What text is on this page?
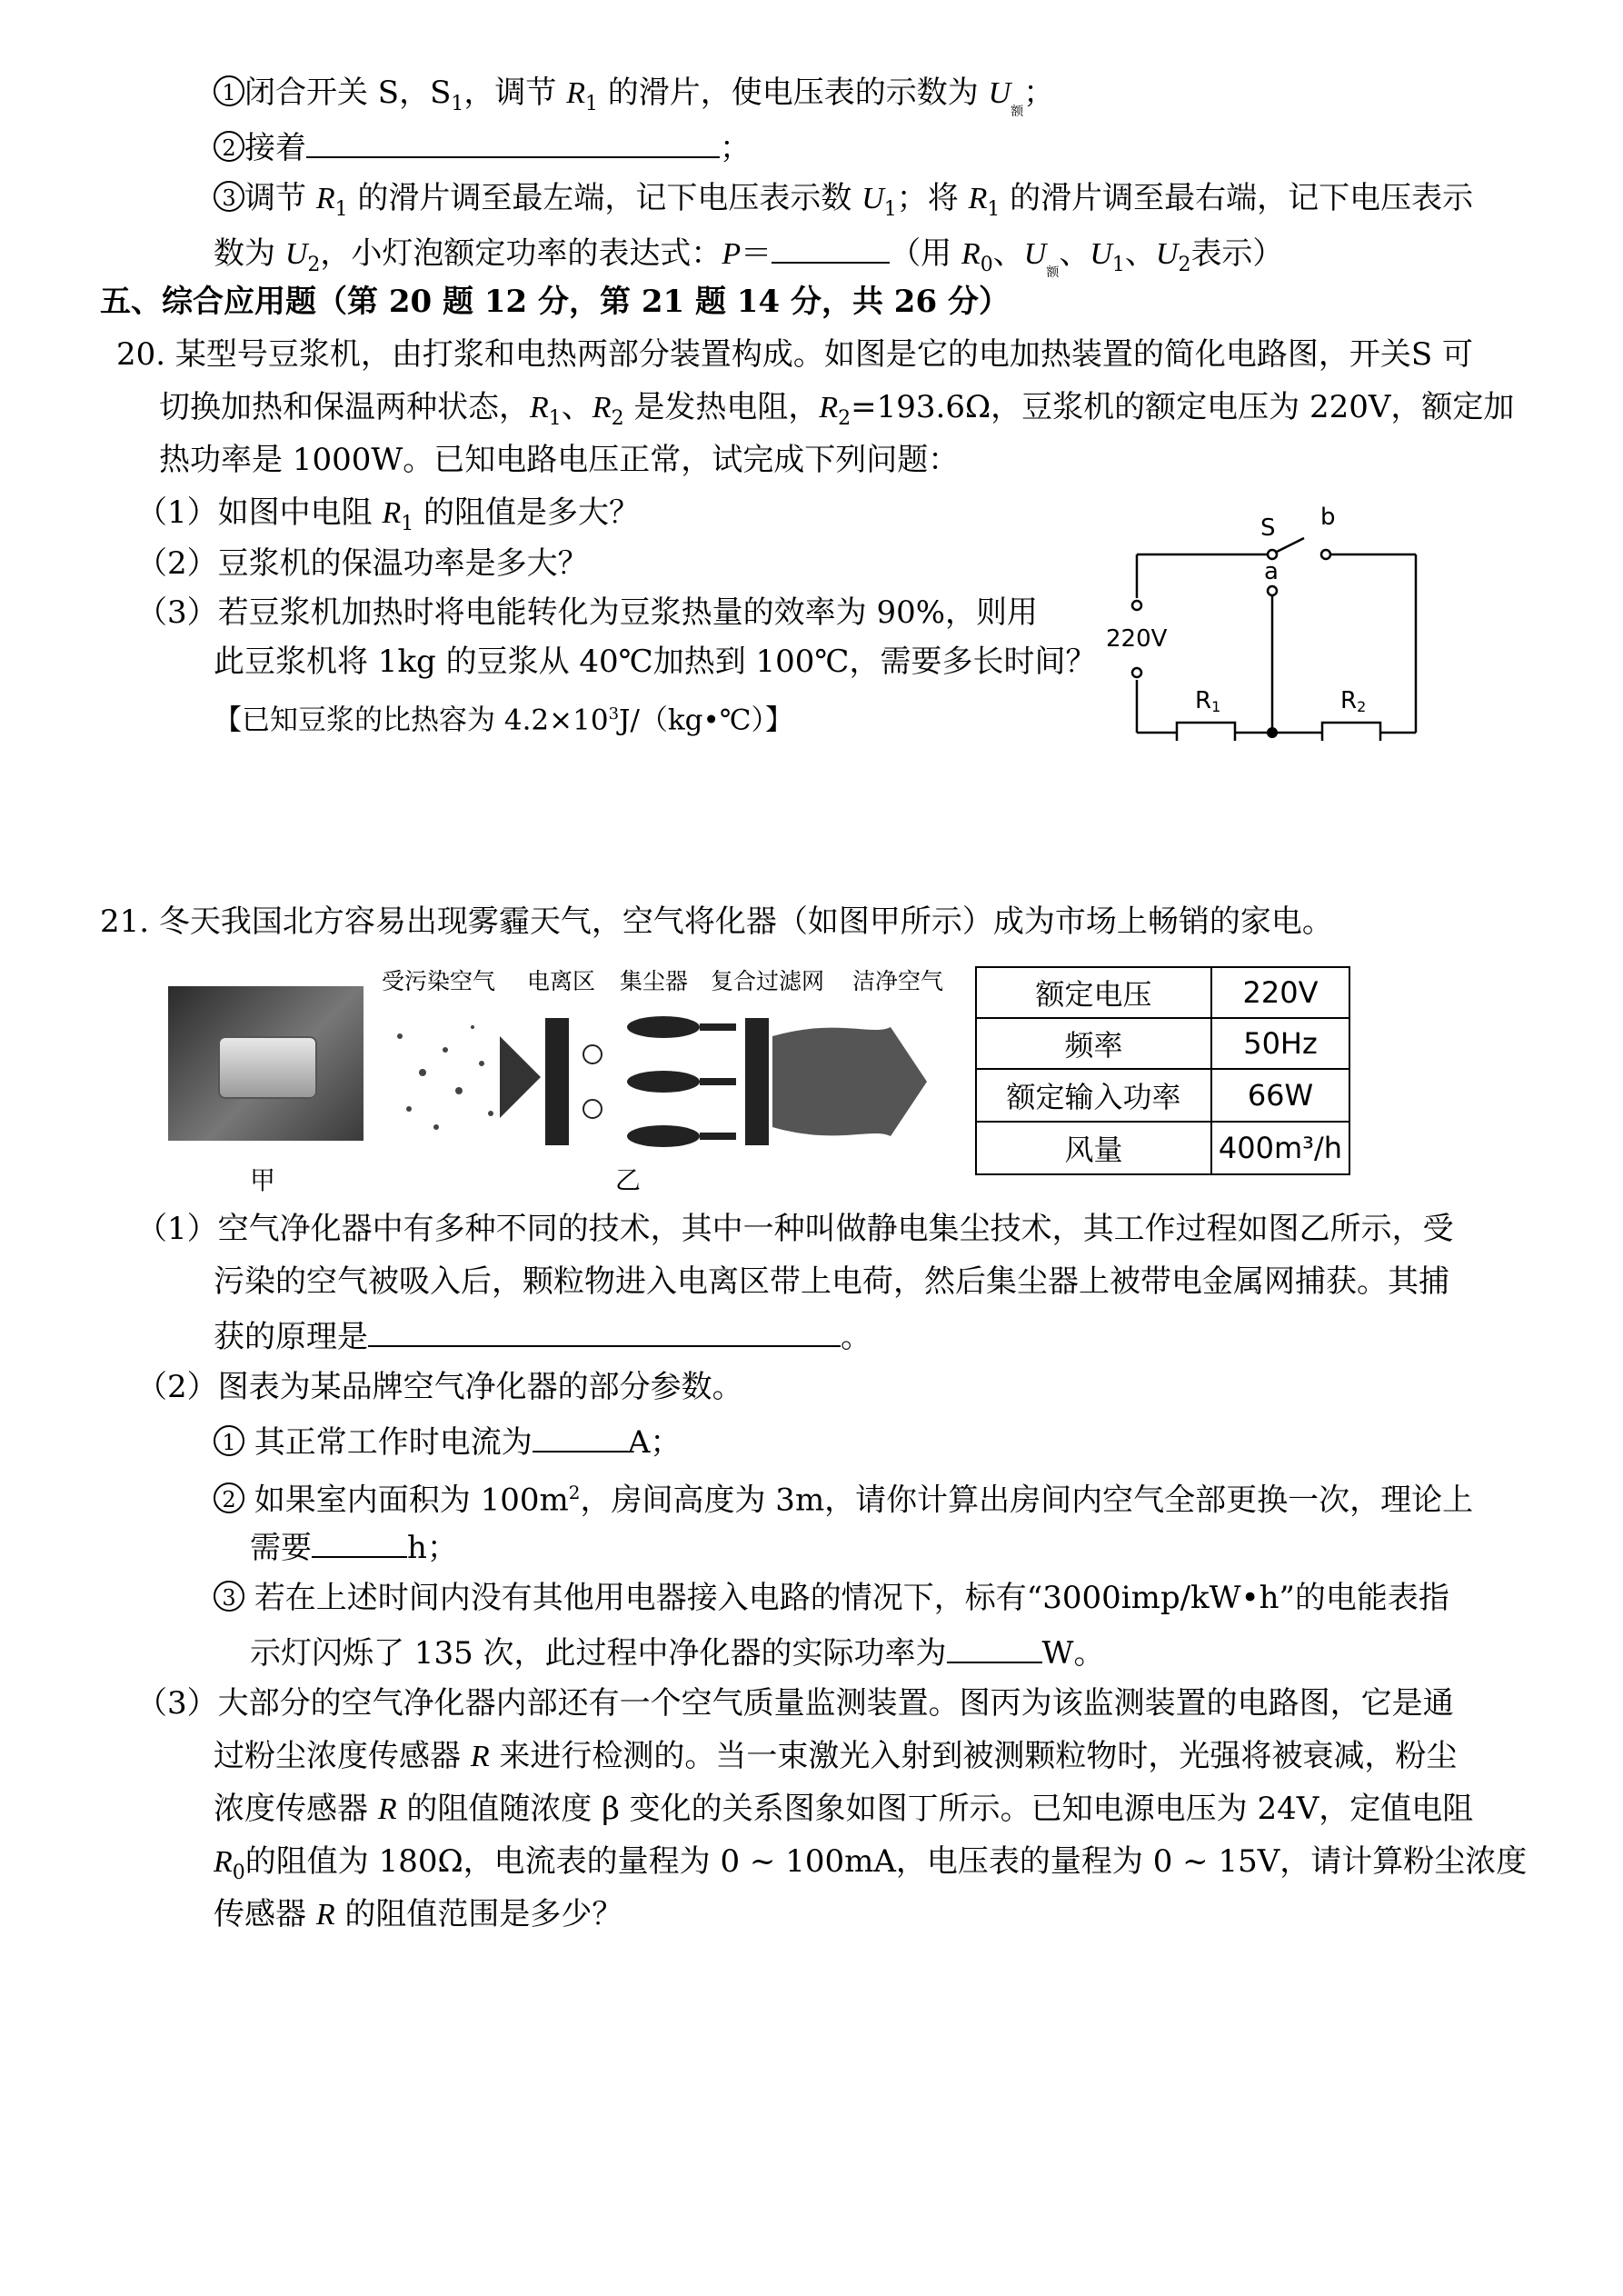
1 闭合开关 S，$S_1$，调节 $R_1$ 的滑片，使电压表的示数为 $U_额$；
2 接着	；
3 调节 $R_1$ 的滑片调至最左端，记下电压表示数 $U_1$；将 $R_1$ 的滑片调至最右端，记下电压表示
数为 $U_2$，小灯泡额定功率的表达式：P＝	（用 $R_0$、$U_额$、$U_1$、$U_2$表示）
五、综合应用题（第 20 题 12 分，第 21 题 14 分，共 26 分）
20. 某型号豆浆机，由打浆和电热两部分装置构成。如图是它的电加热装置的简化电路图，开关S 可
切换加热和保温两种状态，$R_1$、$R_2$ 是发热电阻，$R_2=193.6\Omega$，豆浆机的额定电压为 220V，额定加
热功率是 1000W。已知电路电压正常，试完成下列问题：
（1）如图中电阻 $R_1$ 的阻值是多大？
（2）豆浆机的保温功率是多大？
（3）若豆浆机加热时将电能转化为豆浆热量的效率为 90%，则用
此豆浆机将 1kg 的豆浆从 40℃加热到 100℃，需要多长时间？
【已知豆浆的比热容为 $4.2\times 10^3J/(kg•℃)$】
S b
a
220V
$R_1$	$R_2$
21. 冬天我国北方容易出现雾霾天气，空气将化器（如图甲所示）成为市场上畅销的家电。
甲
受污染空气 电离区 集尘器 复合过滤网 洁净空气
乙
额定电压	220V
频率	50Hz
额定输入功率	66W
风量	400m³/h
（1）空气净化器中有多种不同的技术，其中一种叫做静电集尘技术，其工作过程如图乙所示，受
污染的空气被吸入后，颗粒物进入电离区带上电荷，然后集尘器上被带电金属网捕获。其捕
获的原理是	。
（2）图表为某品牌空气净化器的部分参数。
1 其正常工作时电流为	A；
2 如果室内面积为 $100m^2$，房间高度为 3m，请你计算出房间内空气全部更换一次，理论上
需要	h；
3 若在上述时间内没有其他用电器接入电路的情况下，标有“3000imp/kW•h”的电能表指
示灯闪烁了 135 次，此过程中净化器的实际功率为	W。
（3）大部分的空气净化器内部还有一个空气质量监测装置。图丙为该监测装置的电路图，它是通
过粉尘浓度传感器 R 来进行检测的。当一束激光入射到被测颗粒物时，光强将被衰减，粉尘
浓度传感器 R 的阻值随浓度 β 变化的关系图象如图丁所示。已知电源电压为 24V，定值电阻
$R_0$的阻值为 180Ω，电流表的量程为 0 ~ 100mA，电压表的量程为 0 ~ 15V，请计算粉尘浓度
传感器 R 的阻值范围是多少？
